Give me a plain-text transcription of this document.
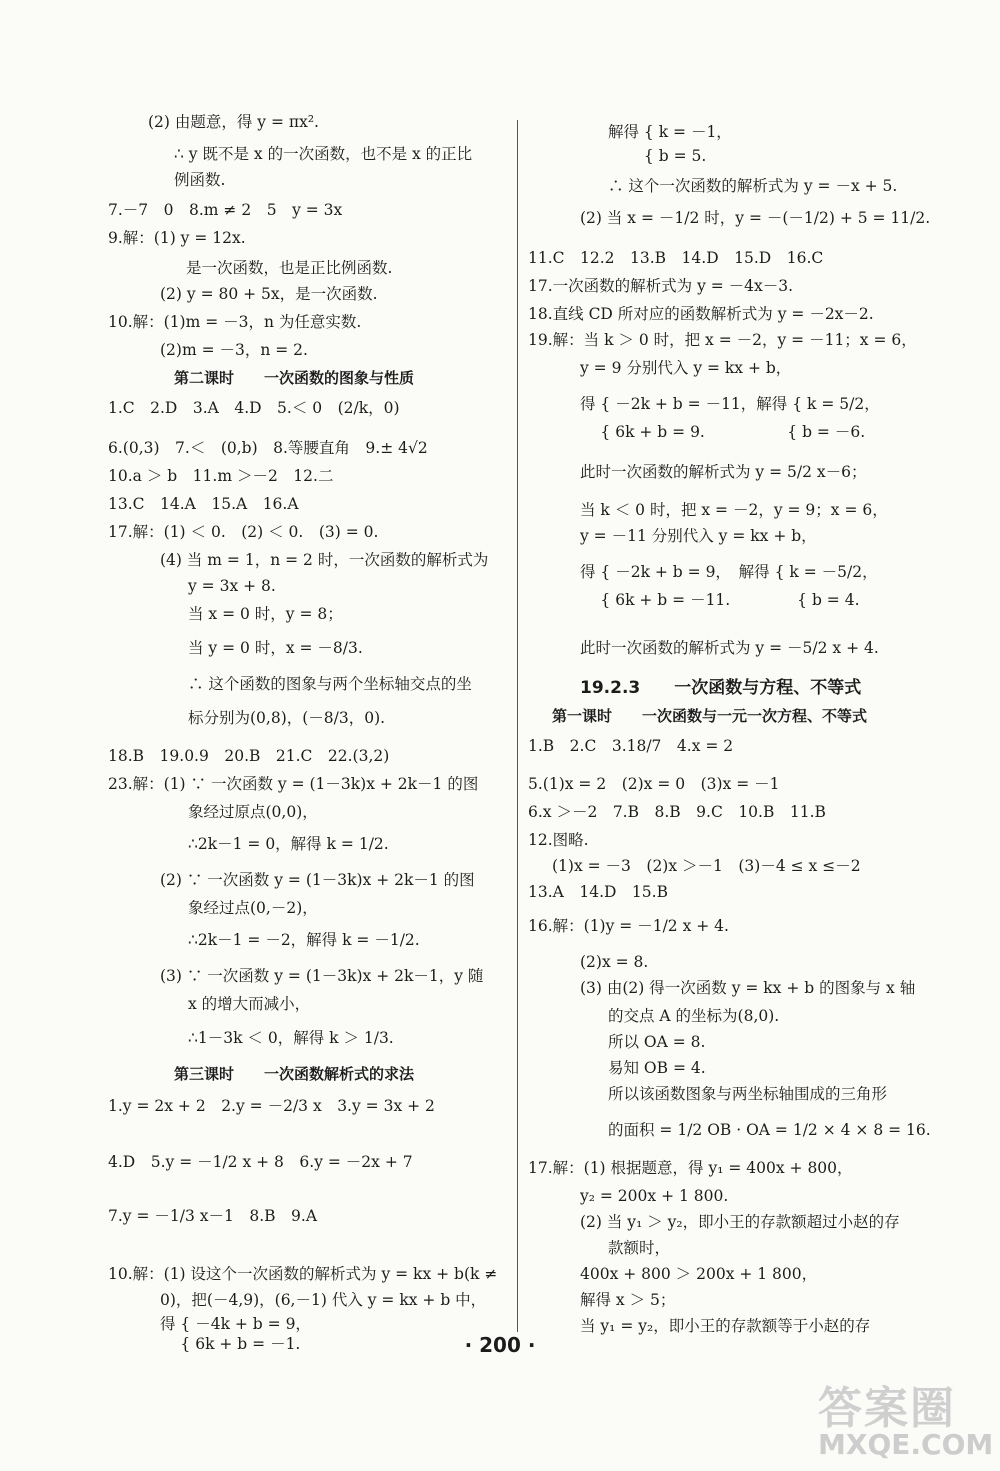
(2) 由题意，得 y = πx².
∴ y 既不是 x 的一次函数，也不是 x 的正比
例函数.
7.－7　0　8.m ≠ 2　5　y = 3x
9.解：(1) y = 12x.
是一次函数，也是正比例函数.
(2) y = 80 + 5x，是一次函数.
10.解：(1)m = －3，n 为任意实数.
(2)m = －3，n = 2.
第二课时　　一次函数的图象与性质
1.C　2.D　3.A　4.D　5.＜ 0　(2/k，0)
6.(0,3)　7.＜　(0,b)　8.等腰直角　9.± 4√2
10.a ＞ b　11.m ＞－2　12.二
13.C　14.A　15.A　16.A
17.解：(1) ＜ 0.　(2) ＜ 0.　(3) = 0.
(4) 当 m = 1，n = 2 时，一次函数的解析式为
y = 3x + 8.
当 x = 0 时，y = 8；
当 y = 0 时，x = －8/3.
∴ 这个函数的图象与两个坐标轴交点的坐
标分别为(0,8)，(－8/3，0).
18.B　19.0.9　20.B　21.C　22.(3,2)
23.解：(1) ∵ 一次函数 y = (1－3k)x + 2k－1 的图
象经过原点(0,0)，
∴2k－1 = 0，解得 k = 1/2.
(2) ∵ 一次函数 y = (1－3k)x + 2k－1 的图
象经过点(0,－2)，
∴2k－1 = －2，解得 k = －1/2.
(3) ∵ 一次函数 y = (1－3k)x + 2k－1，y 随
x 的增大而减小，
∴1－3k ＜ 0，解得 k ＞ 1/3.
第三课时　　一次函数解析式的求法
1.y = 2x + 2　2.y = －2/3 x　3.y = 3x + 2
4.D　5.y = －1/2 x + 8　6.y = －2x + 7
7.y = －1/3 x－1　8.B　9.A
10.解：(1) 设这个一次函数的解析式为 y = kx + b(k ≠
0)，把(－4,9)，(6,－1) 代入 y = kx + b 中，
得 { －4k + b = 9，
　 { 6k + b = －1.
解得 { k = －1，
　　 { b = 5.
∴ 这个一次函数的解析式为 y = －x + 5.
(2) 当 x = －1/2 时，y = －(－1/2) + 5 = 11/2.
11.C　12.2　13.B　14.D　15.D　16.C
17.一次函数的解析式为 y = －4x－3.
18.直线 CD 所对应的函数解析式为 y = －2x－2.
19.解：当 k ＞ 0 时，把 x = －2，y = －11；x = 6，
y = 9 分别代入 y = kx + b，
得 { －2k + b = －11，解得 { k = 5/2，
　 { 6k + b = 9.　　　　　 { b = －6.
此时一次函数的解析式为 y = 5/2 x－6；
当 k ＜ 0 时，把 x = －2，y = 9；x = 6，
y = －11 分别代入 y = kx + b，
得 { －2k + b = 9，　解得 { k = －5/2，
　 { 6k + b = －11.　　　　 { b = 4.
此时一次函数的解析式为 y = －5/2 x + 4.
19.2.3　　一次函数与方程、不等式
第一课时　　一次函数与一元一次方程、不等式
1.B　2.C　3.18/7　4.x = 2
5.(1)x = 2　(2)x = 0　(3)x = －1
6.x ＞－2　7.B　8.B　9.C　10.B　11.B
12.图略.
(1)x = －3　(2)x ＞－1　(3)－4 ≤ x ≤－2
13.A　14.D　15.B
16.解：(1)y = －1/2 x + 4.
(2)x = 8.
(3) 由(2) 得一次函数 y = kx + b 的图象与 x 轴
的交点 A 的坐标为(8,0).
所以 OA = 8.
易知 OB = 4.
所以该函数图象与两坐标轴围成的三角形
的面积 = 1/2 OB · OA = 1/2 × 4 × 8 = 16.
17.解：(1) 根据题意，得 y₁ = 400x + 800，
y₂ = 200x + 1 800.
(2) 当 y₁ ＞ y₂，即小王的存款额超过小赵的存
款额时，
400x + 800 ＞ 200x + 1 800，
解得 x ＞ 5；
当 y₁ = y₂，即小王的存款额等于小赵的存
· 200 ·
答案圈
MXQE.COM
